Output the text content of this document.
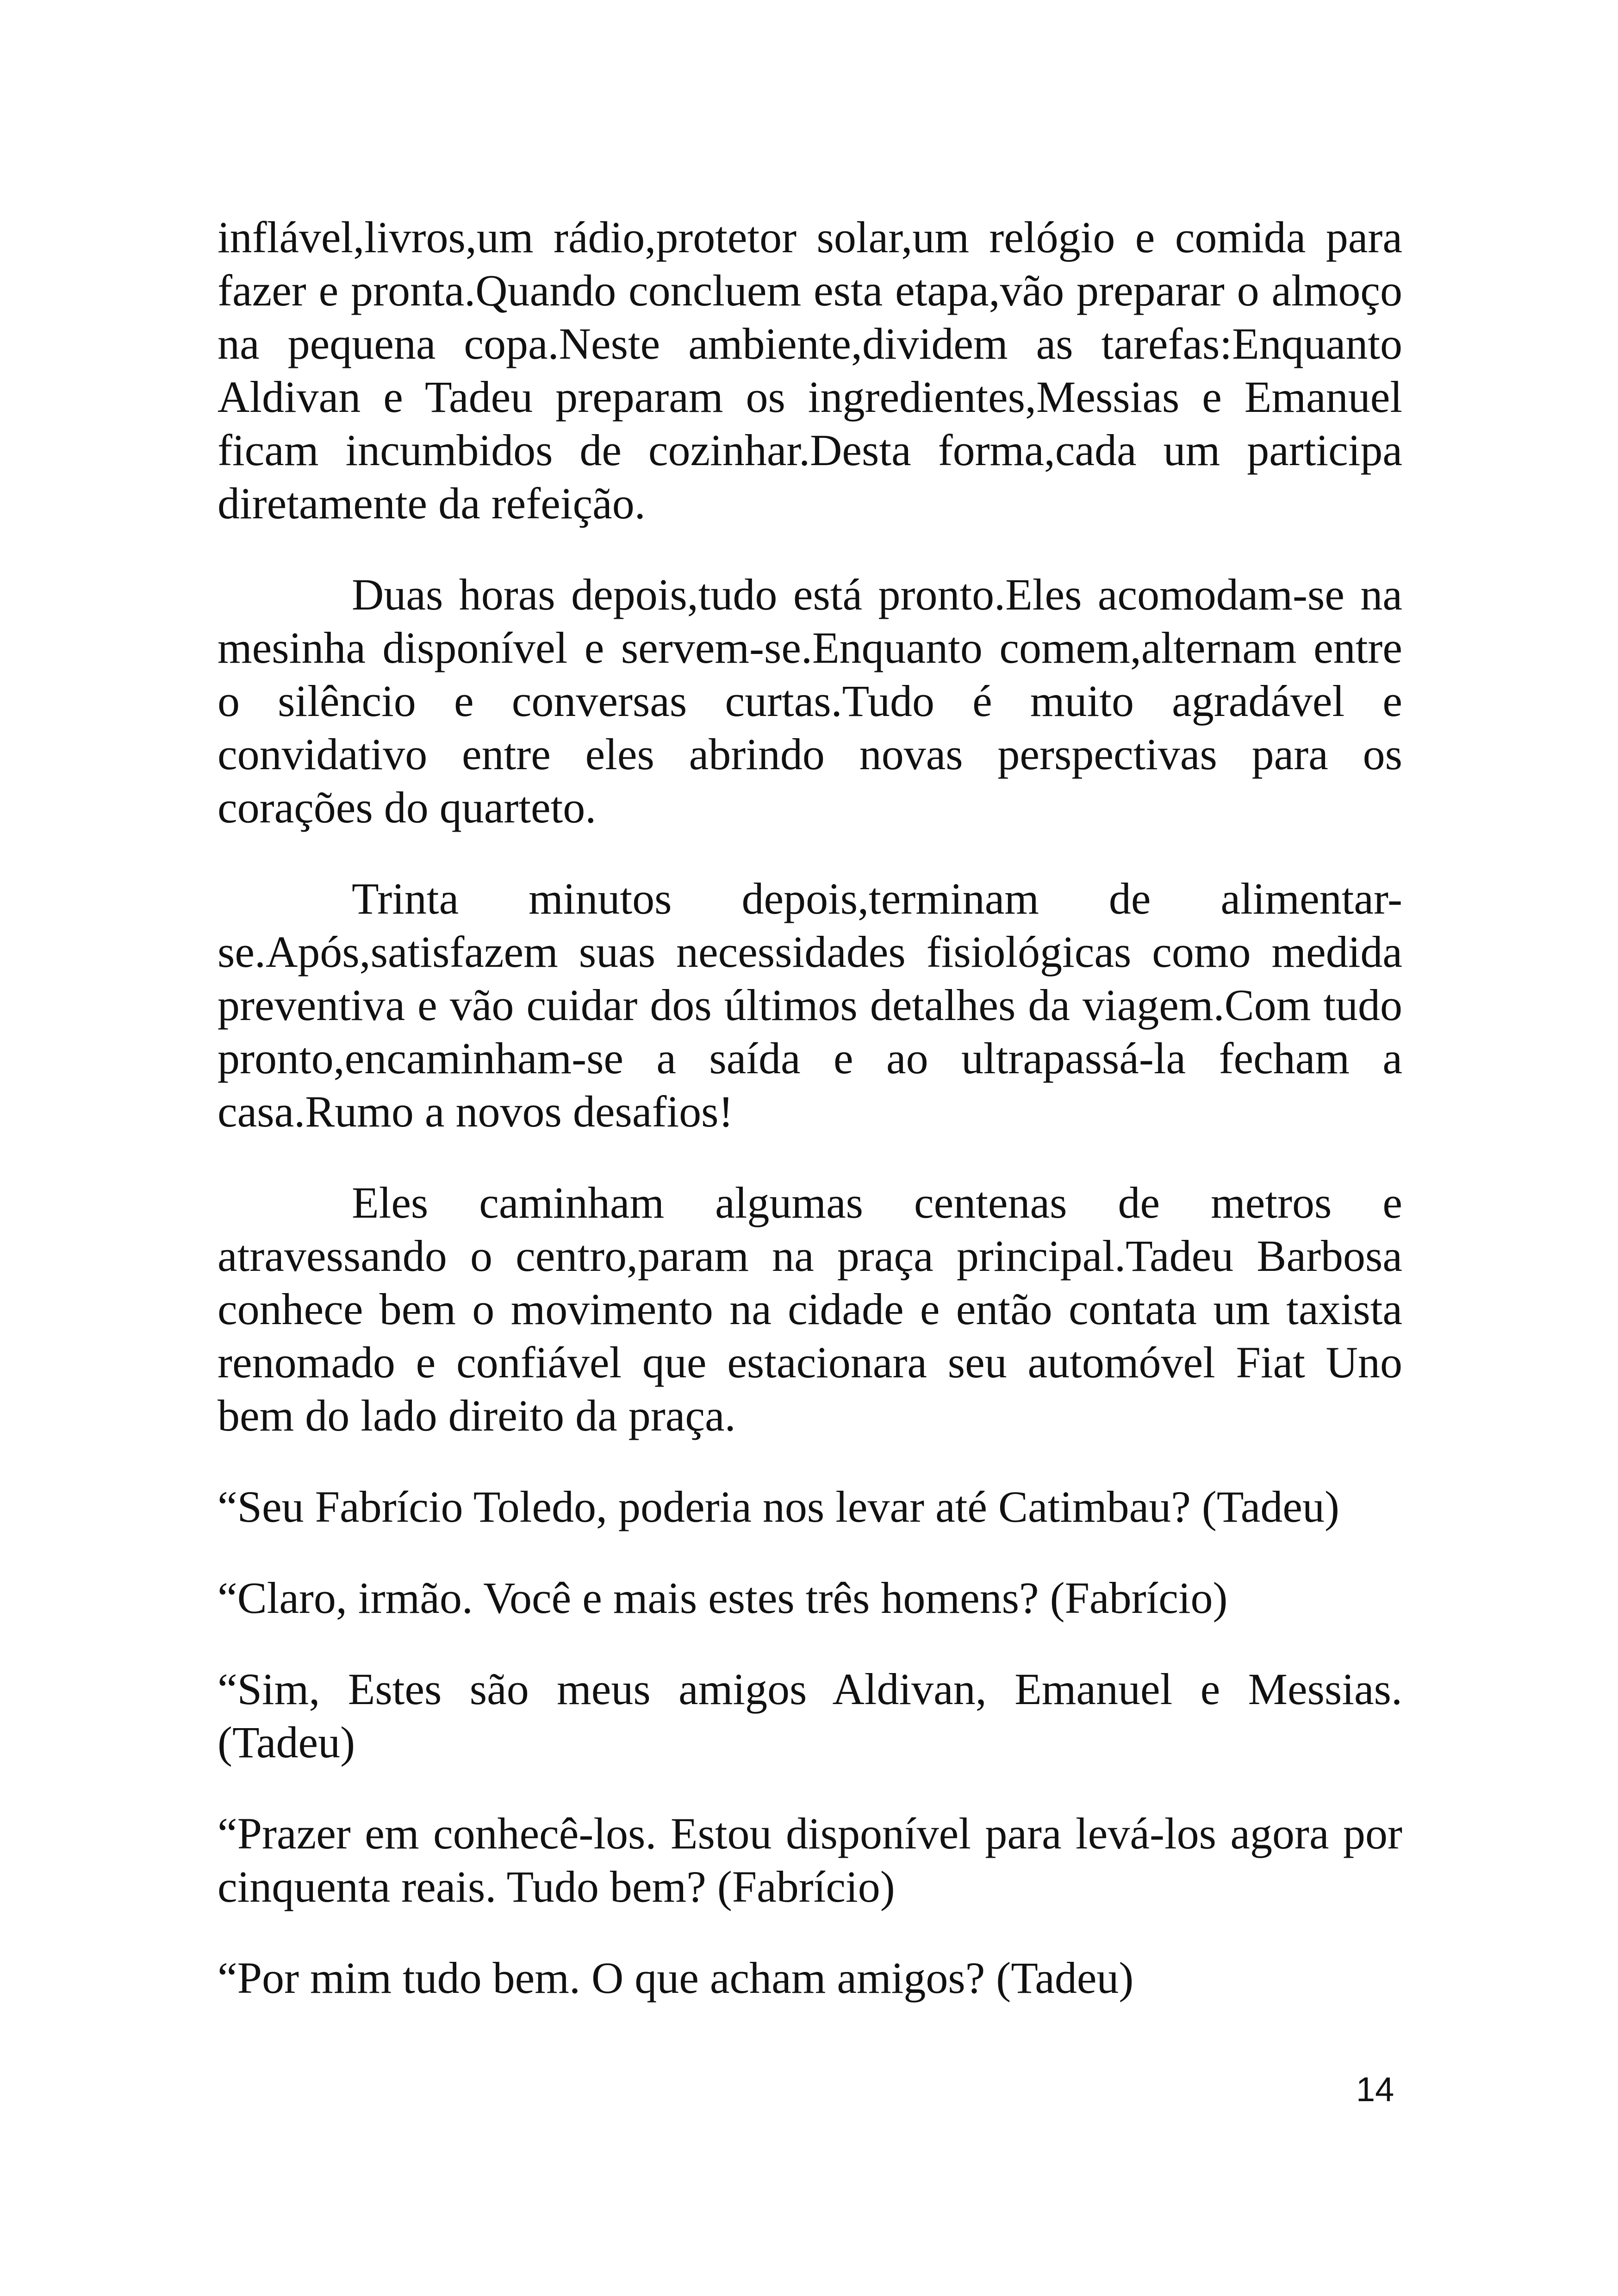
inflável,livros,um rádio,protetor solar,um relógio e comida para fazer e pronta.Quando concluem esta etapa,vão preparar o almoço na pequena copa.Neste ambiente,dividem as tarefas:Enquanto Aldivan e Tadeu preparam os ingredientes,Messias e Emanuel ficam incumbidos de cozinhar.Desta forma,cada um participa diretamente da refeição.

Duas horas depois,tudo está pronto.Eles acomodam-se na mesinha disponível e servem-se.Enquanto comem,alternam entre o silêncio e conversas curtas.Tudo é muito agradável e convidativo entre eles abrindo novas perspectivas para os corações do quarteto.

Trinta minutos depois,terminam de alimentar-se.Após,satisfazem suas necessidades fisiológicas como medida preventiva e vão cuidar dos últimos detalhes da viagem.Com tudo pronto,encaminham-se a saída e ao ultrapassá-la fecham a casa.Rumo a novos desafios!

Eles caminham algumas centenas de metros e atravessando o centro,param na praça principal.Tadeu Barbosa conhece bem o movimento na cidade e então contata um taxista renomado e confiável que estacionara seu automóvel Fiat Uno bem do lado direito da praça.

“Seu Fabrício Toledo, poderia nos levar até Catimbau? (Tadeu)

“Claro, irmão. Você e mais estes três homens? (Fabrício)

“Sim, Estes são meus amigos Aldivan, Emanuel e Messias. (Tadeu)

“Prazer em conhecê-los. Estou disponível para levá-los agora por cinquenta reais. Tudo bem? (Fabrício)

“Por mim tudo bem. O que acham amigos? (Tadeu)

14
